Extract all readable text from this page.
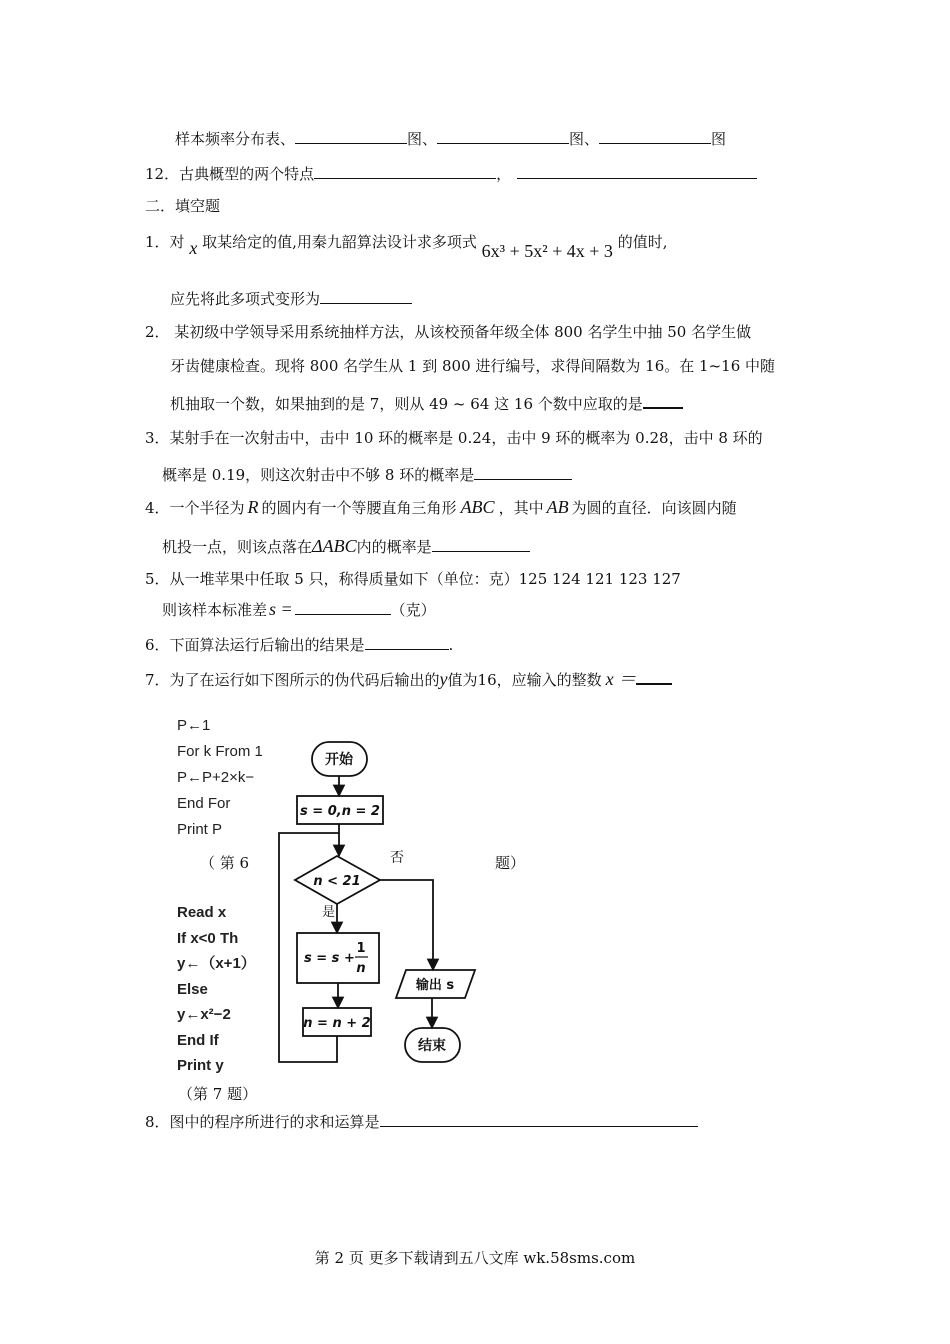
样本频率分布表、	图、	图、	图
12．古典概型的两个特点	，
二．填空题
1．对 x 取某给定的值,用秦九韶算法设计求多项式 6x³ + 5x² + 4x + 3 的值时,
应先将此多项式变形为
2． 某初级中学领导采用系统抽样方法，从该校预备年级全体 800 名学生中抽 50 名学生做
牙齿健康检查。现将 800 名学生从 1 到 800 进行编号，求得间隔数为 16。在 1~16 中随
机抽取一个数，如果抽到的是 7，则从 49 ~ 64 这 16 个数中应取的是
3．某射手在一次射击中，击中 10 环的概率是 0.24，击中 9 环的概率为 0.28，击中 8 环的
概率是 0.19，则这次射击中不够 8 环的概率是
4．一个半径为 R 的圆内有一个等腰直角三角形 ABC ，其中 AB 为圆的直径．向该圆内随
机投一点，则该点落在ΔABC内的概率是
5．从一堆苹果中任取 5 只，称得质量如下（单位：克）125 124 121 123 127
则该样本标准差 s =	（克）
6．下面算法运行后输出的结果是	.
7．为了在运行如下图所示的伪代码后输出的y值为16，应输入的整数 x ＝
P←1
For k From 1
P←P+2×k−
End For
Print P
（ 第 6	题）
Read x
If x<0 Th
y←（x+1）
Else
y←x²−2
End If
Print y
（第 7 题）
开始
s = 0,n = 2
n < 21
否
是
s = s +
1
n
n = n + 2
输出 s
结束
8．图中的程序所进行的求和运算是
第 2 页 更多下载请到五八文库 wk.58sms.com
